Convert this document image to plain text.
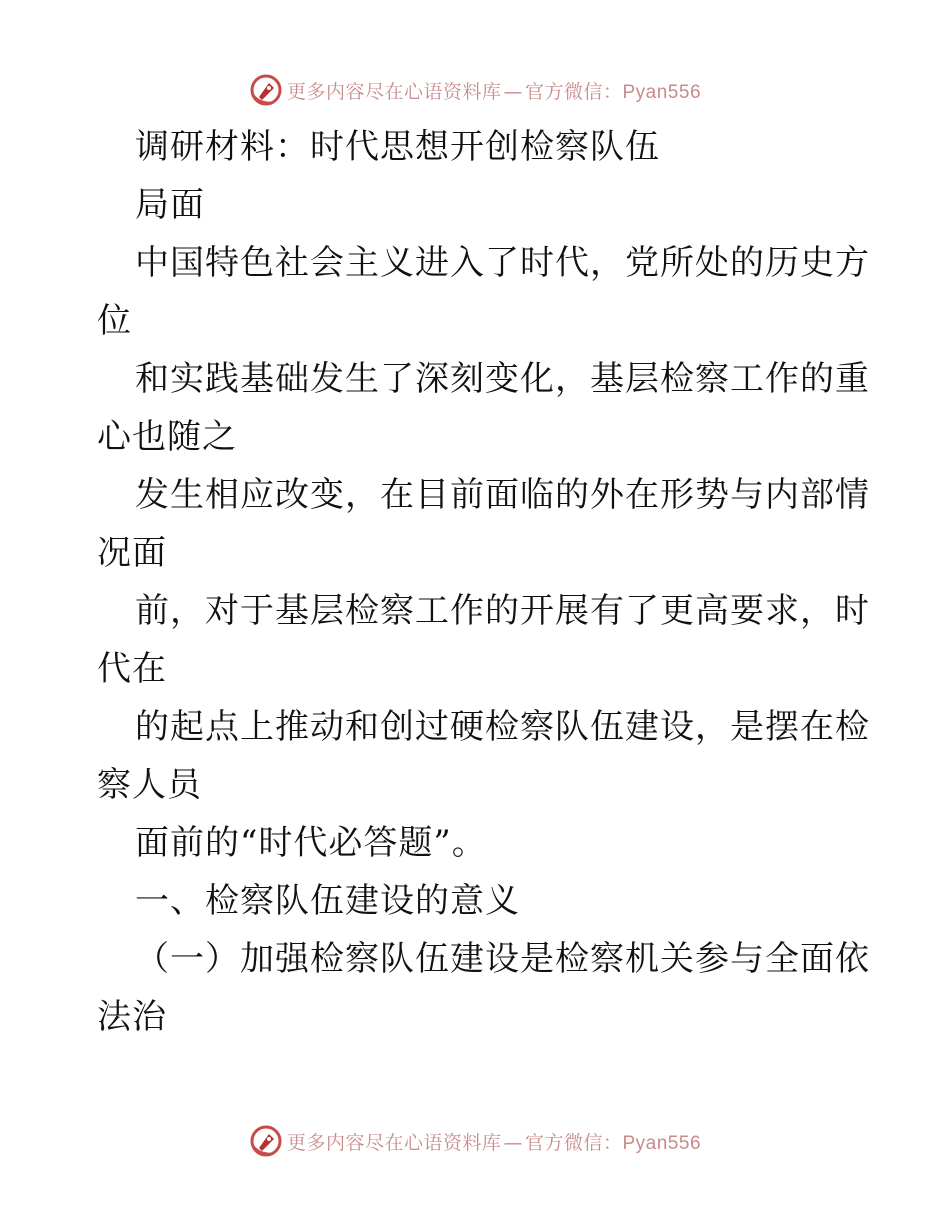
更多内容尽在心语资料库 — 官方微信：Pyan556
调研材料：时代思想开创检察队伍
局面
中国特色社会主义进入了时代，党所处的历史方
位
和实践基础发生了深刻变化，基层检察工作的重
心也随之
发生相应改变，在目前面临的外在形势与内部情
况面
前，对于基层检察工作的开展有了更高要求，时
代在
的起点上推动和创过硬检察队伍建设，是摆在检
察人员
面前的“时代必答题”。
一、检察队伍建设的意义
（一）加强检察队伍建设是检察机关参与全面依
法治
更多内容尽在心语资料库 — 官方微信：Pyan556
